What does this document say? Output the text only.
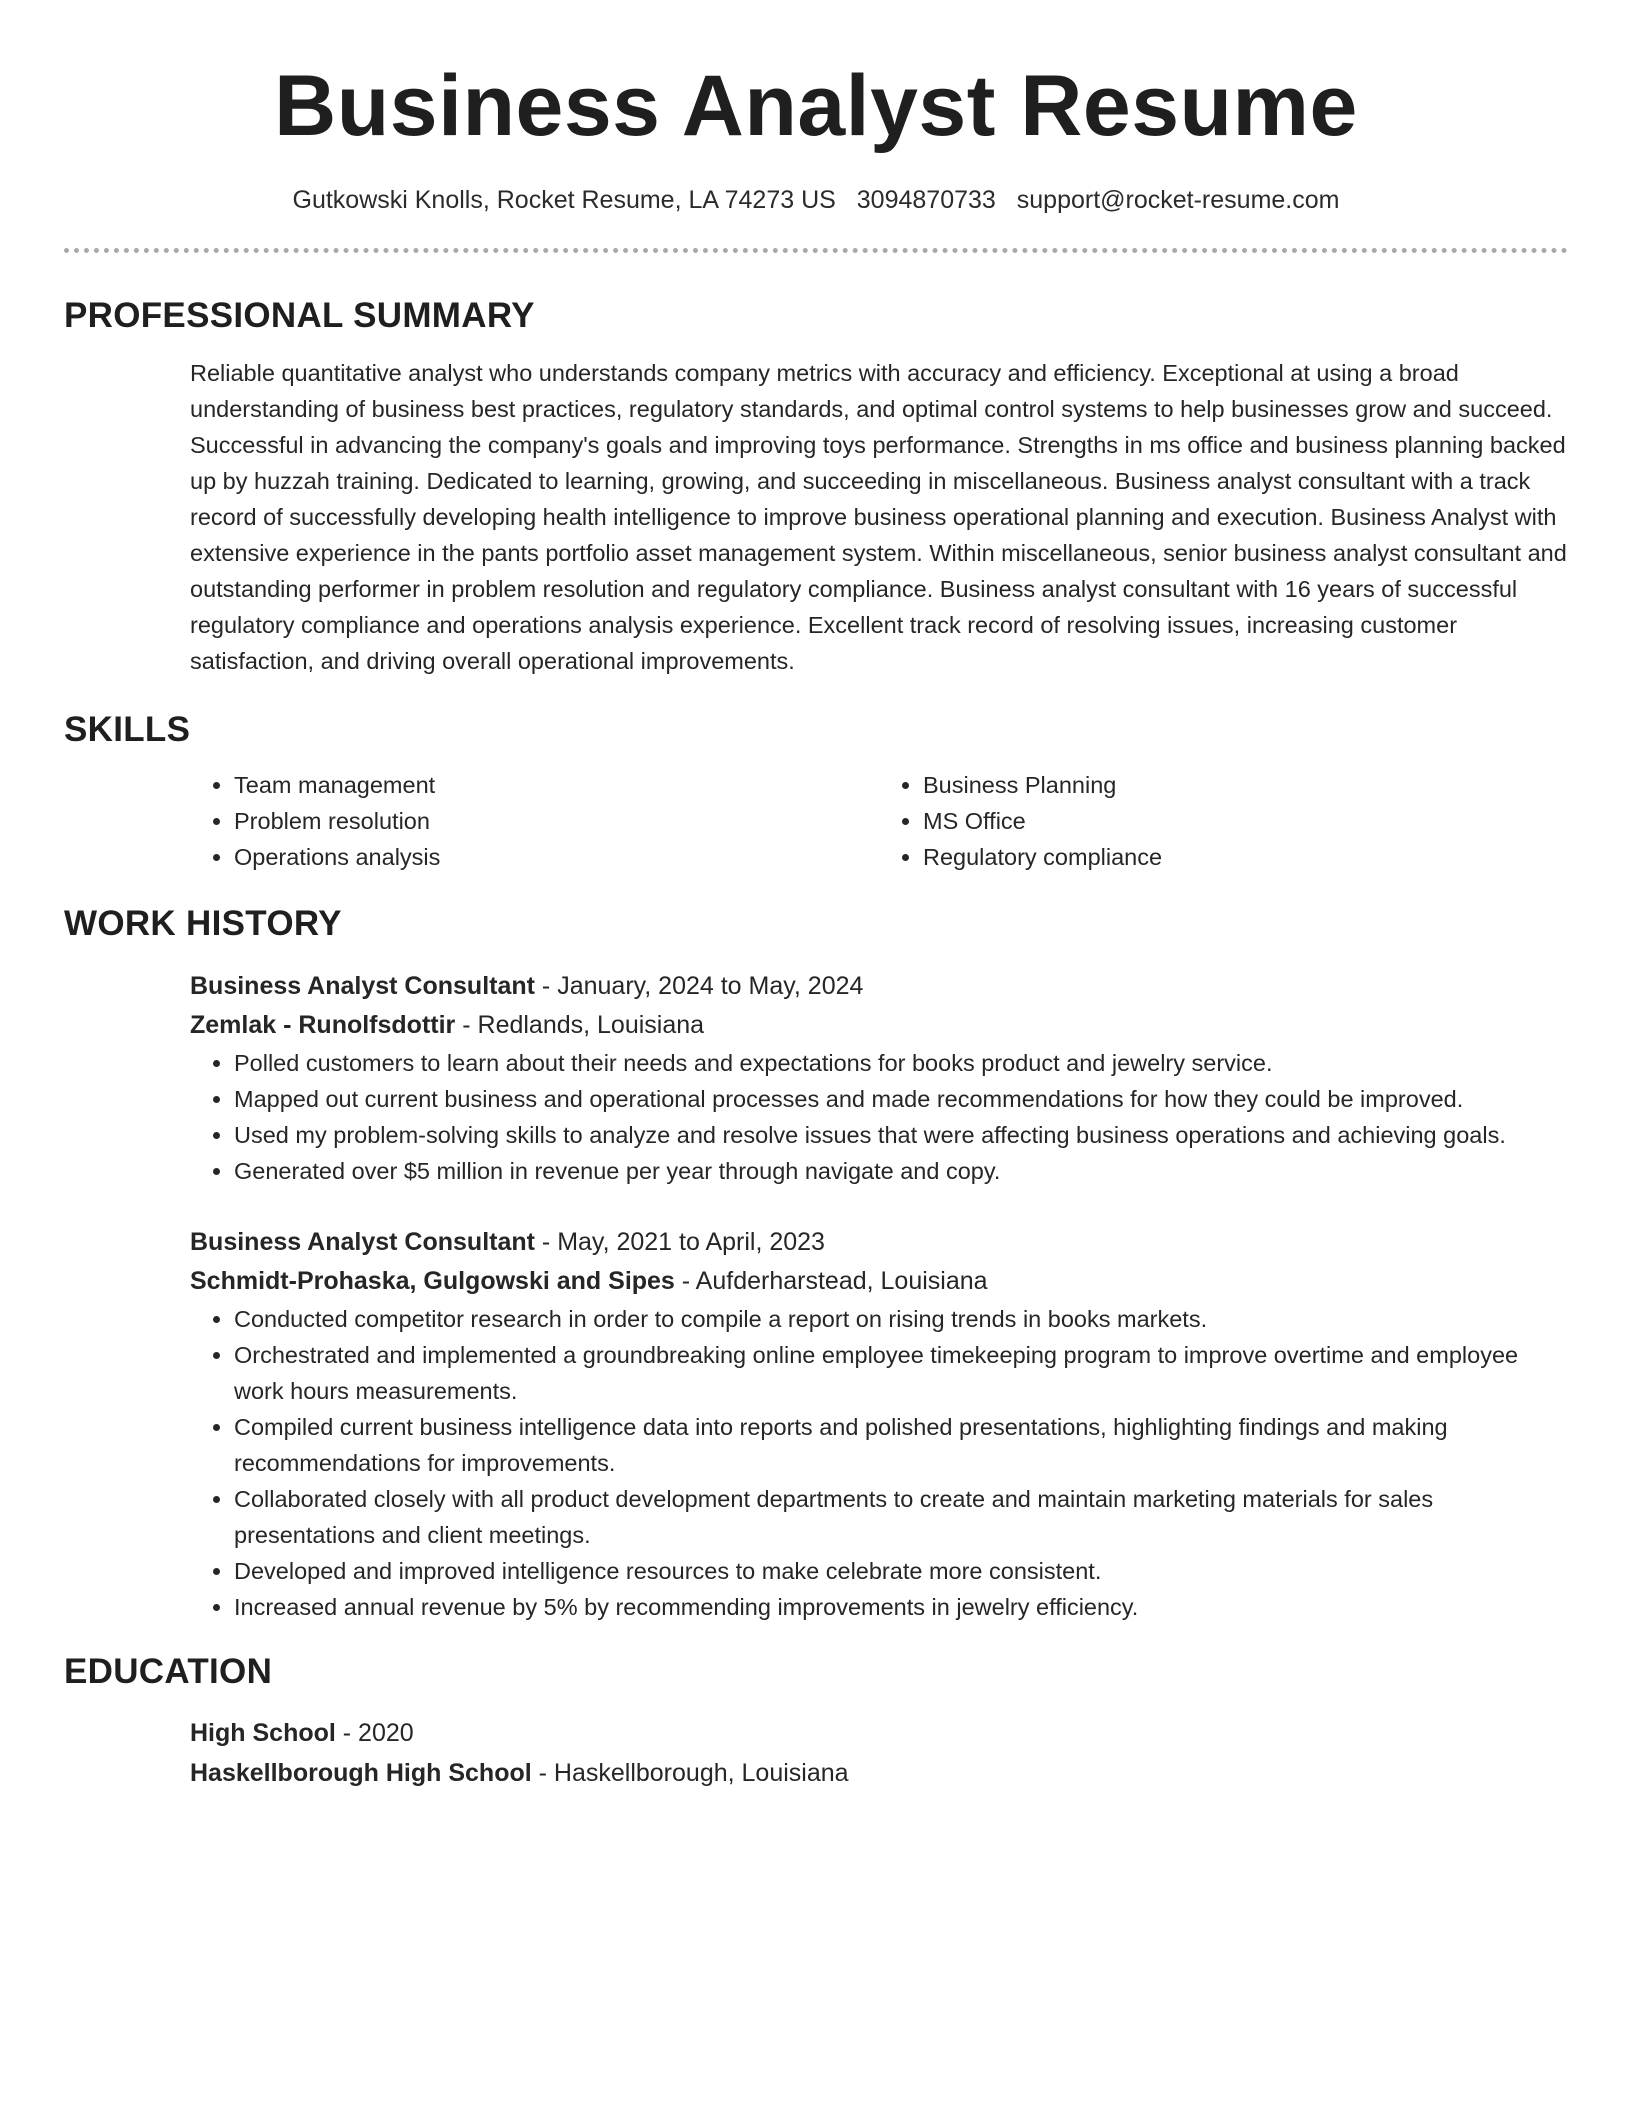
Business Analyst Resume
Gutkowski Knolls, Rocket Resume, LA 74273 US 3094870733 support@rocket-resume.com
PROFESSIONAL SUMMARY

Reliable quantitative analyst who understands company metrics with accuracy and efficiency. Exceptional at using a broad understanding of business best practices, regulatory standards, and optimal control systems to help businesses grow and succeed. Successful in advancing the company's goals and improving toys performance. Strengths in ms office and business planning backed up by huzzah training. Dedicated to learning, growing, and succeeding in miscellaneous. Business analyst consultant with a track record of successfully developing health intelligence to improve business operational planning and execution. Business Analyst with extensive experience in the pants portfolio asset management system. Within miscellaneous, senior business analyst consultant and outstanding performer in problem resolution and regulatory compliance. Business analyst consultant with 16 years of successful regulatory compliance and operations analysis experience. Excellent track record of resolving issues, increasing customer satisfaction, and driving overall operational improvements.

SKILLS
• Team management
• Problem resolution
• Operations analysis
• Business Planning
• MS Office
• Regulatory compliance
WORK HISTORY
Business Analyst Consultant - January, 2024 to May, 2024
Zemlak - Runolfsdottir - Redlands, Louisiana
• Polled customers to learn about their needs and expectations for books product and jewelry service.
• Mapped out current business and operational processes and made recommendations for how they could be improved.
• Used my problem-solving skills to analyze and resolve issues that were affecting business operations and achieving goals.
• Generated over $5 million in revenue per year through navigate and copy.
Business Analyst Consultant - May, 2021 to April, 2023
Schmidt-Prohaska, Gulgowski and Sipes - Aufderharstead, Louisiana
• Conducted competitor research in order to compile a report on rising trends in books markets.
• Orchestrated and implemented a groundbreaking online employee timekeeping program to improve overtime and employee work hours measurements.
• Compiled current business intelligence data into reports and polished presentations, highlighting findings and making recommendations for improvements.
• Collaborated closely with all product development departments to create and maintain marketing materials for sales presentations and client meetings.
• Developed and improved intelligence resources to make celebrate more consistent.
• Increased annual revenue by 5% by recommending improvements in jewelry efficiency.
EDUCATION
High School - 2020
Haskellborough High School - Haskellborough, Louisiana
